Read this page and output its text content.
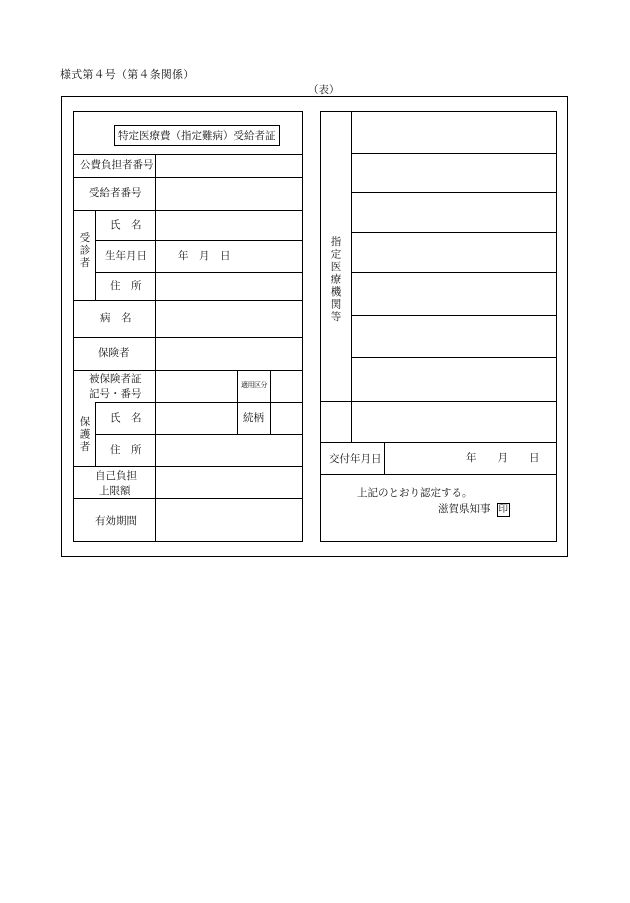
様式第４号（第４条関係）
（表）
特定医療費（指定難病）受給者証
公費負担者番号
受給者番号
受診者
氏　名
生年月日	年　月　日
住　所
病　名
保険者
被保険者証
記号・番号
適用区分
保護者 氏　名	続柄
住　所
自己負担
上限額
有効期間
指定医療機関等
交付年月日	年　　月　　日
上記のとおり認定する。
滋賀県知事 印
